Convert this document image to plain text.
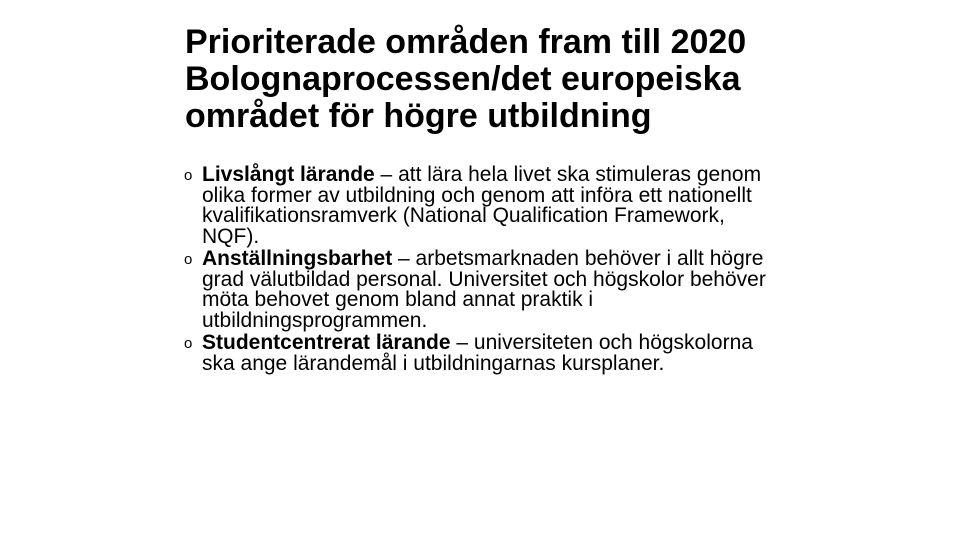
Prioriterade områden fram till 2020 Bolognaprocessen/det europeiska området för högre utbildning
o Livslångt lärande – att lära hela livet ska stimuleras genom olika former av utbildning och genom att införa ett nationellt kvalifikationsramverk (National Qualification Framework, NQF).
o Anställningsbarhet – arbetsmarknaden behöver i allt högre grad välutbildad personal. Universitet och högskolor behöver möta behovet genom bland annat praktik i utbildningsprogrammen.
o Studentcentrerat lärande – universiteten och högskolorna ska ange lärandemål i utbildningarnas kursplaner.
